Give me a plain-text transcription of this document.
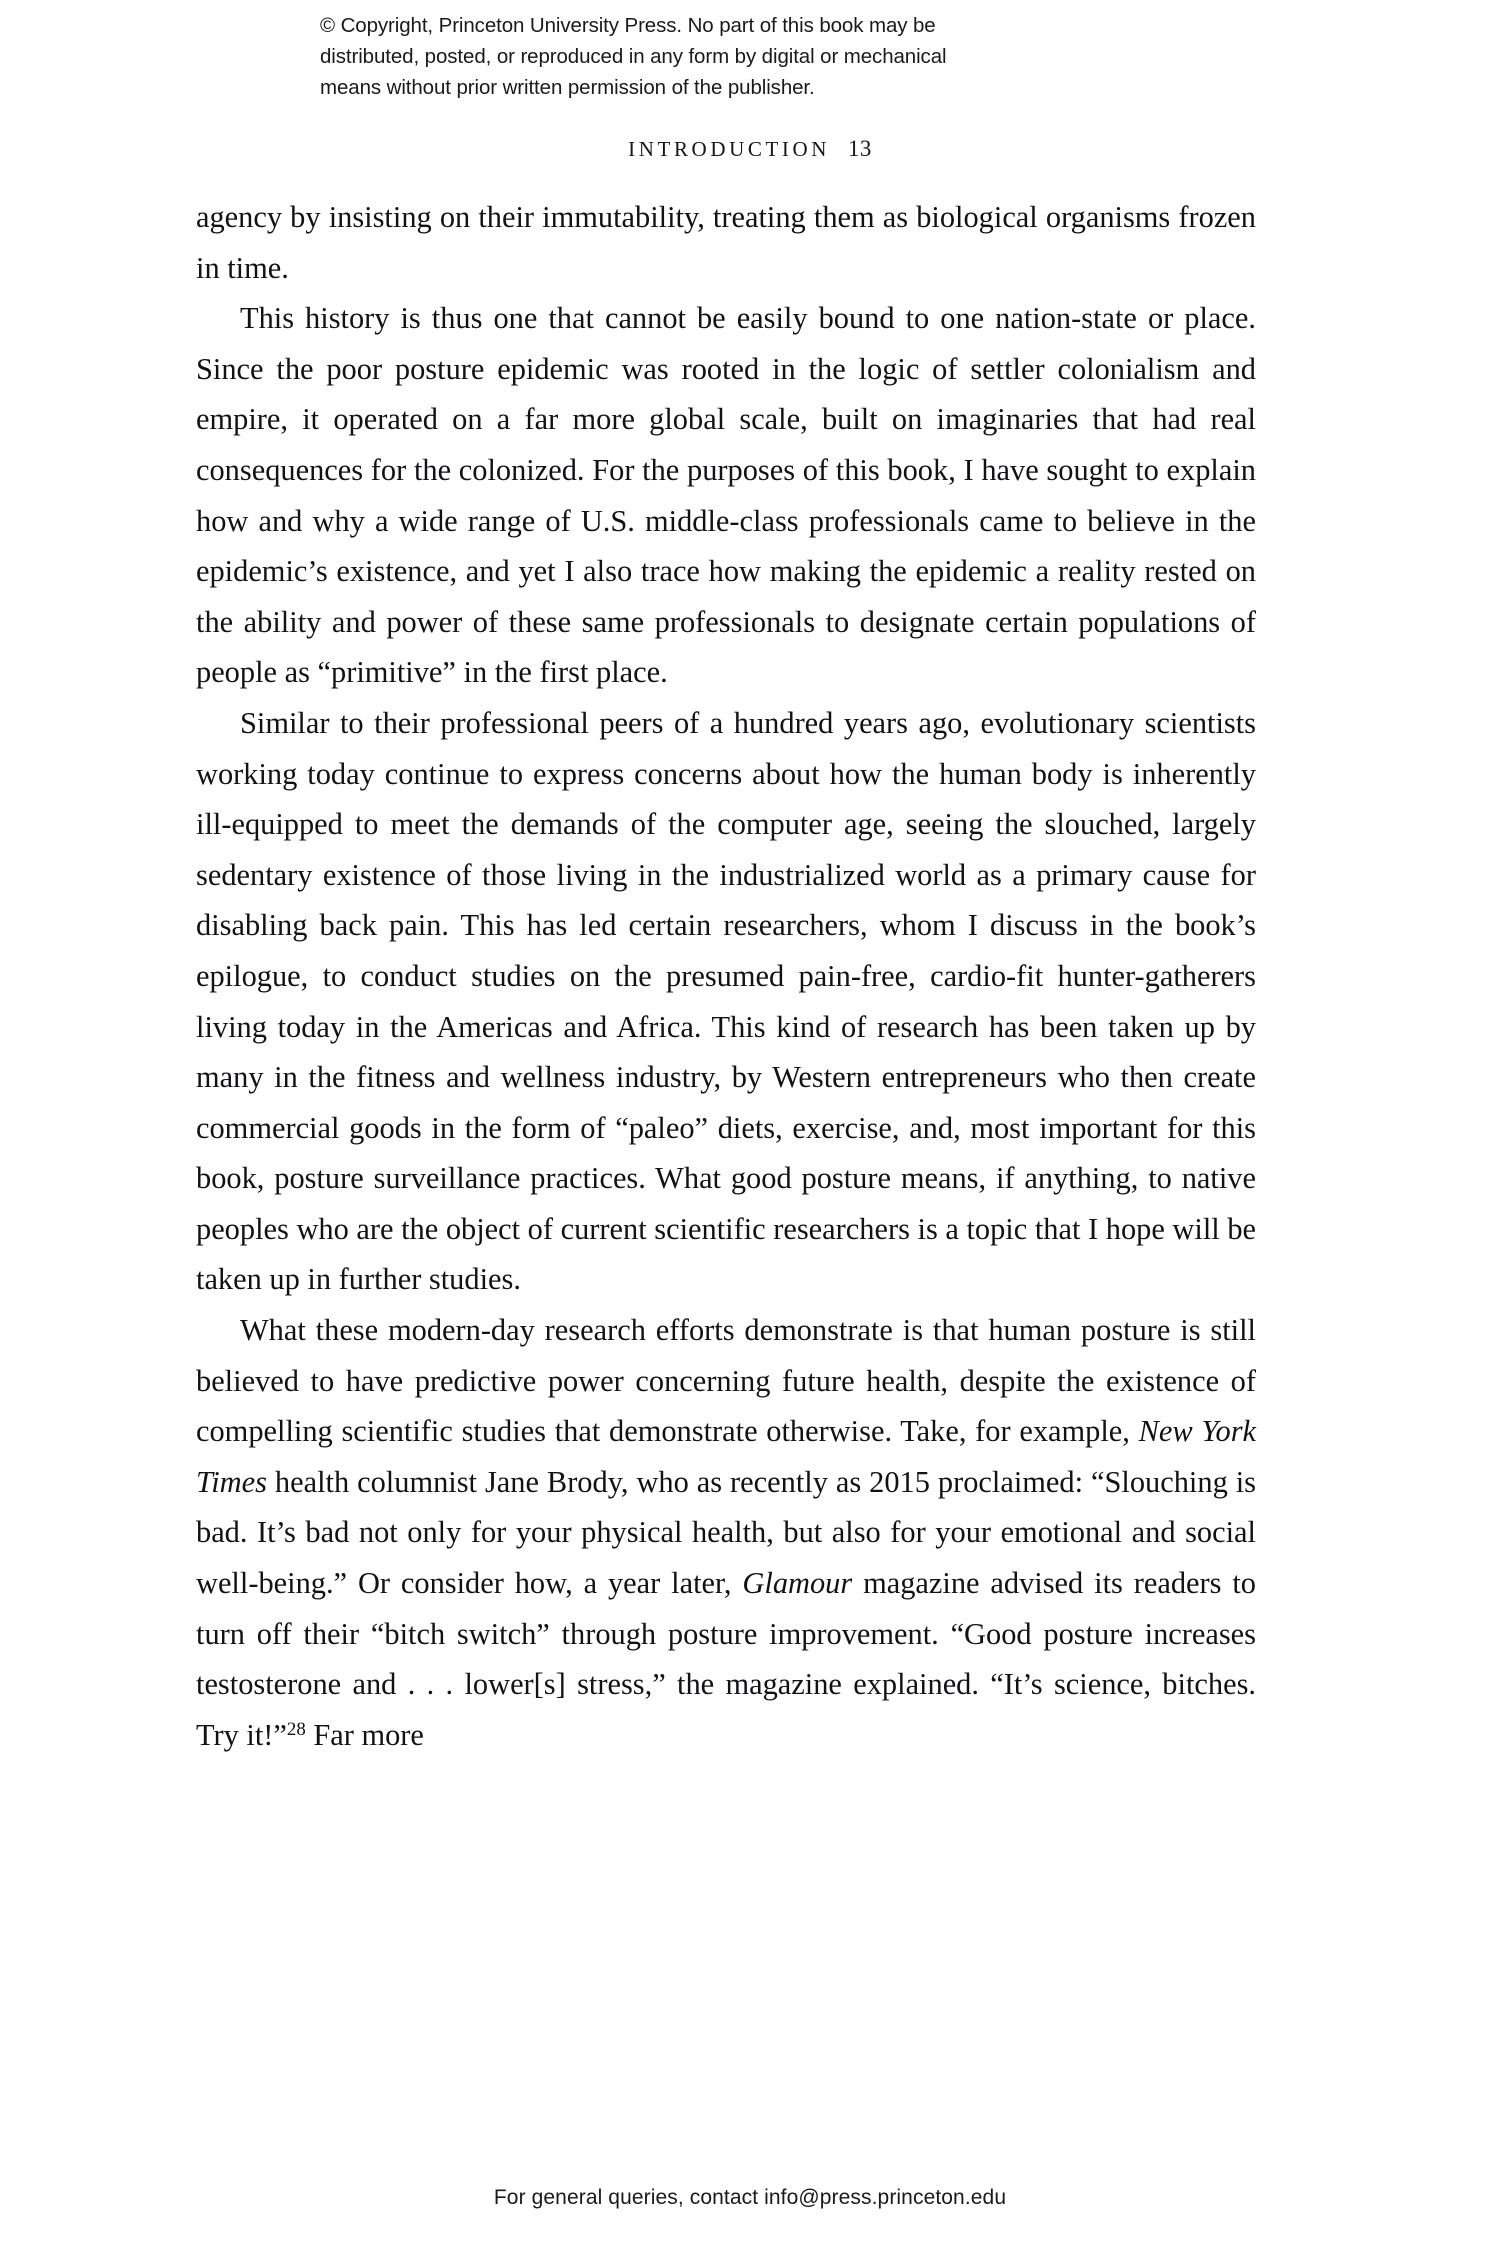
© Copyright, Princeton University Press. No part of this book may be
distributed, posted, or reproduced in any form by digital or mechanical
means without prior written permission of the publisher.
INTRODUCTION 13

agency by insisting on their immutability, treating them as biological organisms frozen in time.

This history is thus one that cannot be easily bound to one nation-state or place. Since the poor posture epidemic was rooted in the logic of settler colonialism and empire, it operated on a far more global scale, built on imaginaries that had real consequences for the colonized. For the purposes of this book, I have sought to explain how and why a wide range of U.S. middle-class professionals came to believe in the epidemic’s existence, and yet I also trace how making the epidemic a reality rested on the ability and power of these same professionals to designate certain populations of people as “primitive” in the first place.

Similar to their professional peers of a hundred years ago, evolutionary scientists working today continue to express concerns about how the human body is inherently ill-equipped to meet the demands of the computer age, seeing the slouched, largely sedentary existence of those living in the industrialized world as a primary cause for disabling back pain. This has led certain researchers, whom I discuss in the book’s epilogue, to conduct studies on the presumed pain-free, cardio-fit hunter-gatherers living today in the Americas and Africa. This kind of research has been taken up by many in the fitness and wellness industry, by Western entrepreneurs who then create commercial goods in the form of “paleo” diets, exercise, and, most important for this book, posture surveillance practices. What good posture means, if anything, to native peoples who are the object of current scientific researchers is a topic that I hope will be taken up in further studies.

What these modern-day research efforts demonstrate is that human posture is still believed to have predictive power concerning future health, despite the existence of compelling scientific studies that demonstrate otherwise. Take, for example, New York Times health columnist Jane Brody, who as recently as 2015 proclaimed: “Slouching is bad. It’s bad not only for your physical health, but also for your emotional and social well-being.” Or consider how, a year later, Glamour magazine advised its readers to turn off their “bitch switch” through posture improvement. “Good posture increases testosterone and . . . lower[s] stress,” the magazine explained. “It’s science, bitches. Try it!”$^{28}$ Far more

For general queries, contact info@press.princeton.edu
